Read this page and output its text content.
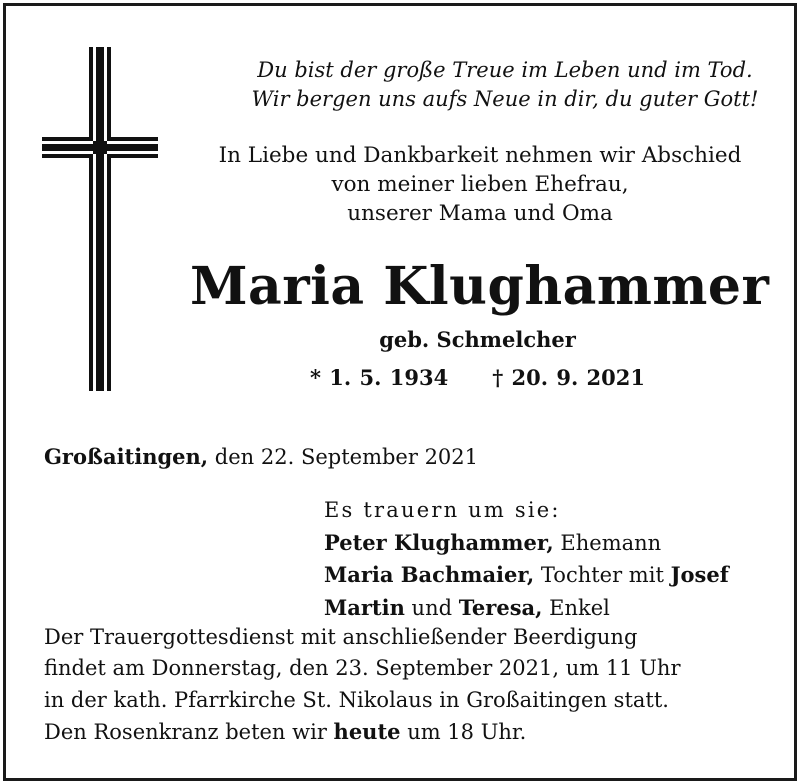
Du bist der große Treue im Leben und im Tod.
Wir bergen uns aufs Neue in dir, du guter Gott!
In Liebe und Dankbarkeit nehmen wir Abschied
von meiner lieben Ehefrau,
unserer Mama und Oma
Maria Klughammer
geb. Schmelcher
* 1. 5. 1934 † 20. 9. 2021
Großaitingen, den 22. September 2021
Es trauern um sie:
Peter Klughammer, Ehemann
Maria Bachmaier, Tochter mit Josef
Martin und Teresa, Enkel
Der Trauergottesdienst mit anschließender Beerdigung
findet am Donnerstag, den 23. September 2021, um 11 Uhr
in der kath. Pfarrkirche St. Nikolaus in Großaitingen statt.
Den Rosenkranz beten wir heute um 18 Uhr.
